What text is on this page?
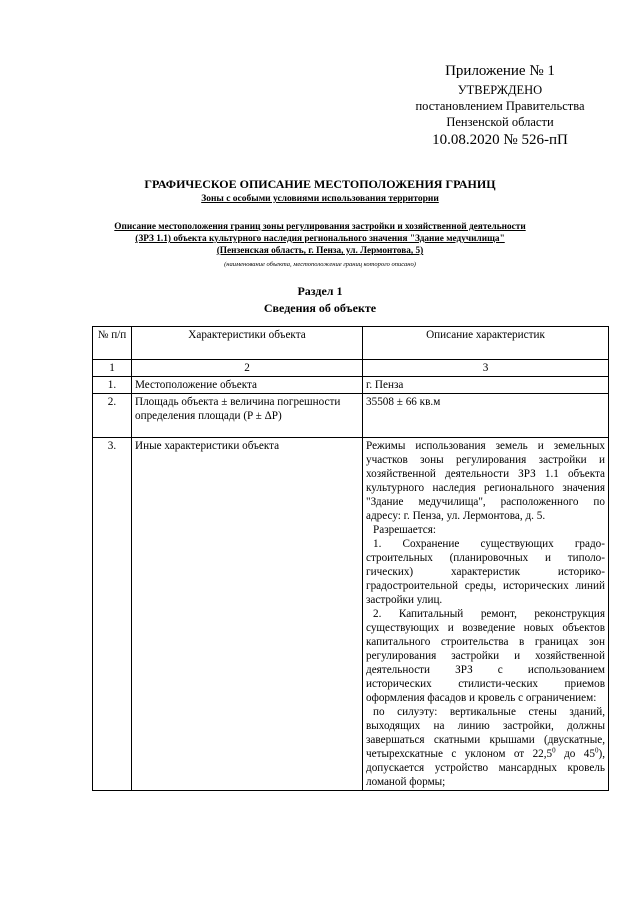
Приложение № 1
УТВЕРЖДЕНО
постановлением Правительства
Пензенской области
10.08.2020 № 526-пП
ГРАФИЧЕСКОЕ ОПИСАНИЕ МЕСТОПОЛОЖЕНИЯ ГРАНИЦ
Зоны с особыми условиями использования территории
Описание местоположения границ зоны регулирования застройки и хозяйственной деятельности
(ЗРЗ 1.1) объекта культурного наследия регионального значения "Здание медучилища"
(Пензенская область, г. Пенза, ул. Лермонтова, 5)
(наименование объекта, местоположение границ которого описано)
Раздел 1
Сведения об объекте
№ п/п	Характеристики объекта	Описание характеристик
1	2	3
1.	Местоположение объекта	г. Пенза
2.	Площадь объекта ± величина погрешности определения площади (P ± ΔP)	35508 ± 66 кв.м
3.	Иные характеристики объекта	Режимы использования земель и земельных участков зоны регулирования застройки и хозяйственной деятельности ЗРЗ 1.1 объекта культурного наследия регионального значения "Здание медучилища", расположенного по адресу: г. Пенза, ул. Лермонтова, д. 5.
Разрешается:
1. Сохранение существующих градо-строительных (планировочных и типоло-гических) характеристик историко-градостроительной среды, исторических линий застройки улиц.
2. Капитальный ремонт, реконструкция существующих и возведение новых объектов капитального строительства в границах зон регулирования застройки и хозяйственной деятельности ЗРЗ с использованием исторических стилисти-ческих приемов оформления фасадов и кровель с ограничением:
по силуэту: вертикальные стены зданий, выходящих на линию застройки, должны завершаться скатными крышами (двускатные, четырехскатные с уклоном от 22,5$^0$ до $45^0$), допускается устройство мансардных кровель ломаной формы;
